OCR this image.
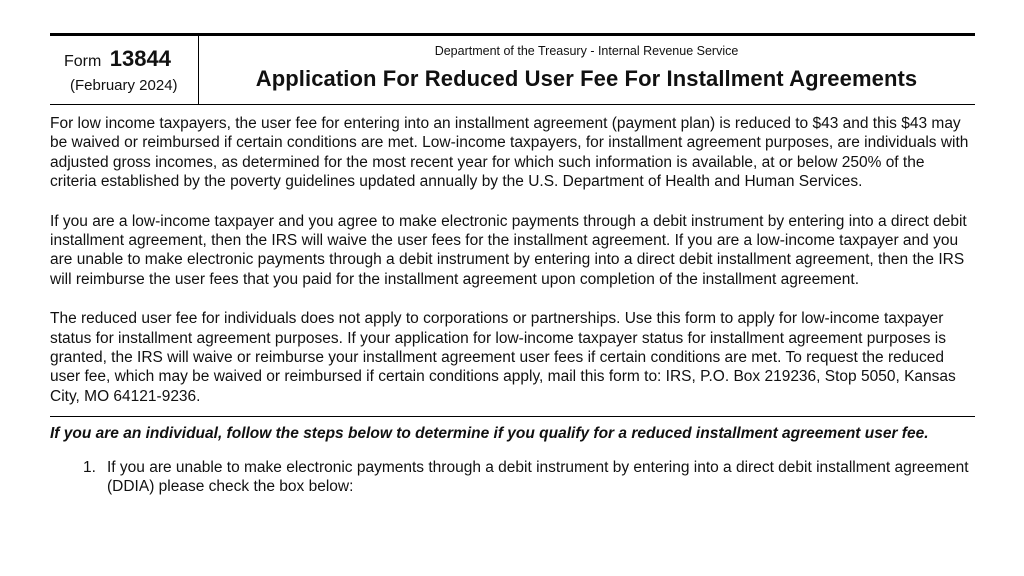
Form 13844
(February 2024)
Department of the Treasury - Internal Revenue Service
Application For Reduced User Fee For Installment Agreements

For low income taxpayers, the user fee for entering into an installment agreement (payment plan) is reduced to $43 and this $43 may be waived or reimbursed if certain conditions are met. Low-income taxpayers, for installment agreement purposes, are individuals with adjusted gross incomes, as determined for the most recent year for which such information is available, at or below 250% of the criteria established by the poverty guidelines updated annually by the U.S. Department of Health and Human Services.

If you are a low-income taxpayer and you agree to make electronic payments through a debit instrument by entering into a direct debit installment agreement, then the IRS will waive the user fees for the installment agreement. If you are a low-income taxpayer and you are unable to make electronic payments through a debit instrument by entering into a direct debit installment agreement, then the IRS will reimburse the user fees that you paid for the installment agreement upon completion of the installment agreement.

The reduced user fee for individuals does not apply to corporations or partnerships. Use this form to apply for low-income taxpayer status for installment agreement purposes. If your application for low-income taxpayer status for installment agreement purposes is granted, the IRS will waive or reimburse your installment agreement user fees if certain conditions are met. To request the reduced user fee, which may be waived or reimbursed if certain conditions apply, mail this form to: IRS, P.O. Box 219236, Stop 5050, Kansas City, MO 64121-9236.

If you are an individual, follow the steps below to determine if you qualify for a reduced installment agreement user fee.

1. If you are unable to make electronic payments through a debit instrument by entering into a direct debit installment agreement (DDIA) please check the box below:
